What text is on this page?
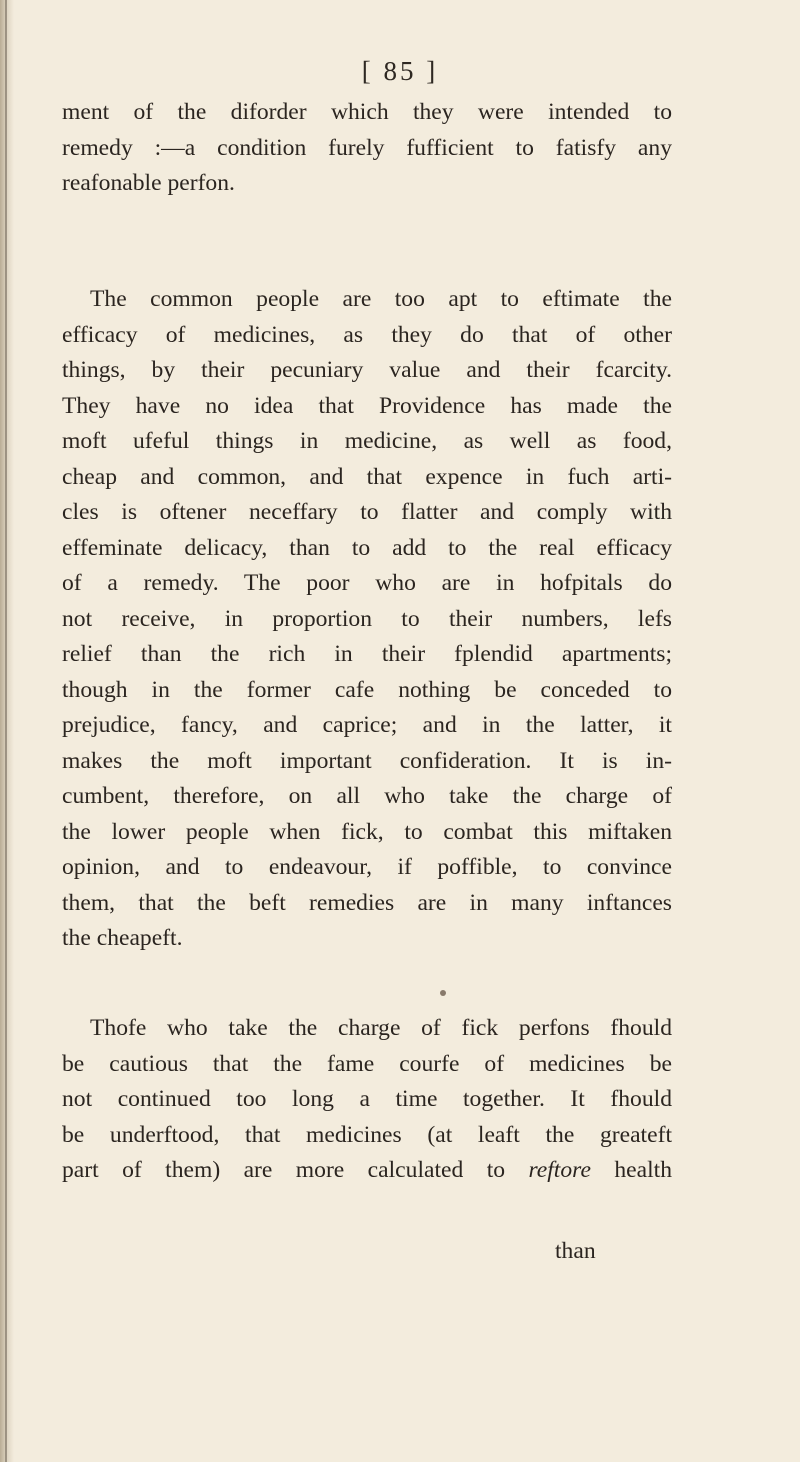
[ 85 ]
ment of the diforder which they were intended to
remedy :—a condition furely fufficient to fatisfy any
reafonable perfon.
The common people are too apt to eftimate the
efficacy of medicines, as they do that of other
things, by their pecuniary value and their fcarcity.
They have no idea that Providence has made the
moft ufeful things in medicine, as well as food,
cheap and common, and that expence in fuch arti-
cles is oftener neceffary to flatter and comply with
effeminate delicacy, than to add to the real efficacy
of a remedy. The poor who are in hofpitals do
not receive, in proportion to their numbers, lefs
relief than the rich in their fplendid apartments;
though in the former cafe nothing be conceded to
prejudice, fancy, and caprice; and in the latter, it
makes the moft important confideration. It is in-
cumbent, therefore, on all who take the charge of
the lower people when fick, to combat this miftaken
opinion, and to endeavour, if poffible, to convince
them, that the beft remedies are in many inftances
the cheapeft.
Thofe who take the charge of fick perfons fhould
be cautious that the fame courfe of medicines be
not continued too long a time together. It fhould
be underftood, that medicines (at leaft the greateft
part of them) are more calculated to reftore health
than
